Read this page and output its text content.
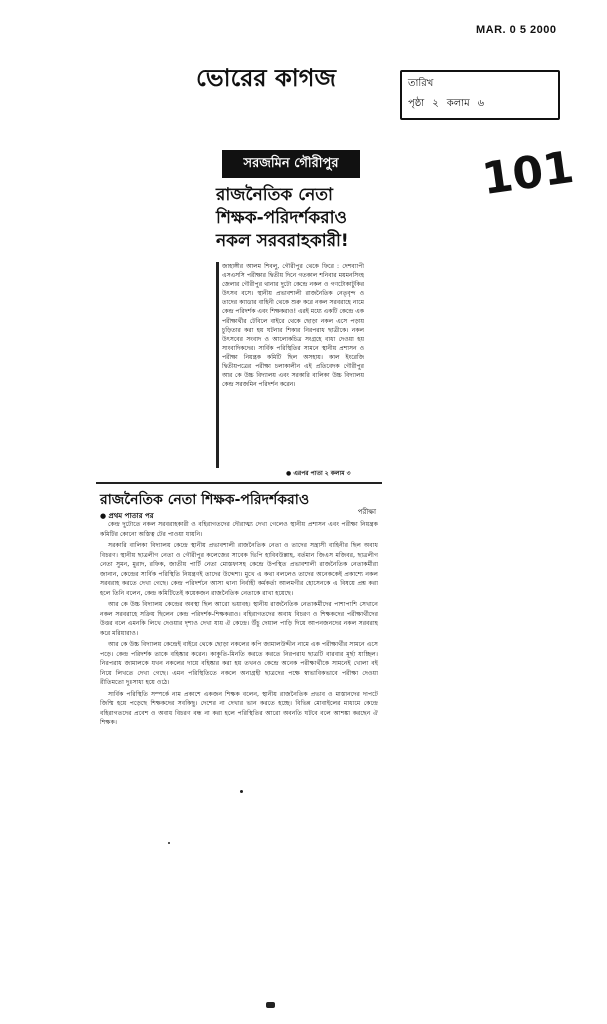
MAR. 0 5 2000
ভোরের কাগজ	তারিখ
পৃষ্ঠা ২ কলাম ৬
101
সরজমিন গৌরীপুর
রাজনৈতিক নেতা
শিক্ষক-পরিদর্শকরাও
নকল সরবরাহকারী!
জাহাঙ্গীর আলম শিবলু, গৌরীপুর থেকে ফিরে : দেশব্যাপী এসএসসি পরীক্ষার দ্বিতীয় দিনে গতকাল শনিবার ময়মনসিংহ জেলার গৌরীপুর থানার দুটো কেন্দ্রে নকল ও গণটোকাটুকির উৎসব বসে। স্থানীয় প্রভাবশালী রাজনৈতিক নেতৃবৃন্দ ও তাদের ক্যাডার বাহিনী থেকে শুরু করে নকল সরবরাহে নামে কেন্দ্র পরিদর্শক এবং শিক্ষকরাও! এরই মধ্যে একটি কেন্দ্রে এক পরীক্ষার্থীর টেবিলে বাইরে থেকে ছোড়া নকল এসে পড়ায় চুড়িতার করা হয় ঘটনার শিকার নিরপরাধ ছাত্রীকে। নকল উৎসবের সংবাদ ও আলোকচিত্র সংগ্রহে বাধা দেওয়া হয় সাংবাদিকদের। সার্বিক পরিস্থিতির সামনে স্থানীয় প্রশাসন ও পরীক্ষা নিয়ন্ত্রক কমিটি ছিল অসহায়। কাল ইংরেজি দ্বিতীয়পত্রের পরীক্ষা চলাকালীন এই প্রতিবেদক গৌরীপুর আর কে উচ্চ বিদ্যালয় এবং সরকারি বালিকা উচ্চ বিদ্যালয় কেন্দ্র সরজমিন পরিদর্শন করেন।
● এরপর পাতা ২ কলাম ৩
রাজনৈতিক নেতা শিক্ষক-পরিদর্শকরাও
● প্রথম পাতার পর	পরীক্ষা

কেন্দ্র দুটোতে নকল সরবরাহকারী ও বহিরাগতদের দৌরাত্ম্য দেখা গেলেও স্থানীয় প্রশাসন এবং পরীক্ষা নিয়ন্ত্রক কমিটির কোনো অস্তিত্ব টের পাওয়া যায়নি।

সরকারি বালিকা বিদ্যালয় কেন্দ্রে স্থানীয় প্রভাবশালী রাজনৈতিক নেতা ও তাদের সন্ত্রাসী বাহিনীর ছিল অবাধ বিচরণ। স্থানীয় ছাত্রলীগ নেতা ও গৌরীপুর কলেজের সাবেক ভিপি হাবিবউল্লাহ, বর্তমান জিএস মজিবর, ছাত্রলীগ নেতা সুমন, মুরাদ, রফিক, জাতীয় পার্টি নেতা মোস্তফাসহ কেন্দ্রে উপস্থিত প্রভাবশালী রাজনৈতিক নেতাকর্মীরা জানান, কেন্দ্রের সার্বিক পরিস্থিতি নিয়ন্ত্রণই তাদের উদ্দেশ্য। মুখে এ কথা বললেও তাদের অনেককেই প্রকাশ্যে নকল সরবরাহ করতে দেখা গেছে। কেন্দ্র পরিদর্শনে আসা থানা নির্বাহী কর্মকর্তা আলমগীর হোসেনকে এ বিষয়ে প্রশ্ন করা হলে তিনি বলেন, কেন্দ্র কমিটিতেই কয়েকজন রাজনৈতিক নেতাকে রাখা হয়েছে।

আর কে উচ্চ বিদ্যালয় কেন্দ্রের অবস্থা ছিল আরো ভয়াবহ। স্থানীয় রাজনৈতিক নেতাকর্মীদের পাশাপাশি সেখানে নকল সরবরাহে সক্রিয় ছিলেন কেন্দ্র পরিদর্শক-শিক্ষকরাও। বহিরাগতদের অবাধ বিচরণ ও শিক্ষকদের পরীক্ষার্থীদের উত্তর বলে এমনকি লিখে দেওয়ার দৃশ্যও দেখা যায় ঐ কেন্দ্রে। উঁচু দেয়াল পাড়ি দিয়ে আপনজনদের নকল সরবরাহ করে মরিয়ারাও।

আর কে উচ্চ বিদ্যালয় কেন্দ্রেই বাইরে থেকে ছোড়া নকলের কপি জামালউদ্দীন নামে এক পরীক্ষার্থীর সামনে এসে পড়ে। কেন্দ্র পরিদর্শক তাকে বহিষ্কার করেন। কাকুতি-মিনতি করতে করতে নিরপরাধ ছাত্রটি বারবার মূর্ছা যাচ্ছিল। নিরপরাধ জামালকে যখন নকলের দায়ে বহিষ্কার করা হয় তখনও কেন্দ্রে অনেক পরীক্ষার্থীকে সামনেই খোলা বই নিয়ে লিখতে দেখা গেছে। এমন পরিস্থিতিতে নকলে অনাগ্রহী ছাত্রদের পক্ষে স্বাভাবিকভাবে পরীক্ষা দেওয়া রীতিমতো দুঃসাধ্য হয়ে ওঠে।

সার্বিক পরিস্থিতি সম্পর্কে নাম প্রকাশে একজন শিক্ষক বলেন, স্থানীয় রাজনৈতিক প্রভাব ও মাস্তানদের দাপটে জিম্মি হয়ে পড়েছে শিক্ষকদের সবকিছু। দেশের না দেখার ভান করতে হচ্ছে। বিভিন্ন মোবাইলের মাধ্যমে কেন্দ্রে বহিরাগতদের প্রবেশ ও অবাধ বিচরণ বন্ধ না করা হলে পরিস্থিতির আরো অবনতি ঘটবে বলে আশঙ্কা করছেন ঐ শিক্ষক।
